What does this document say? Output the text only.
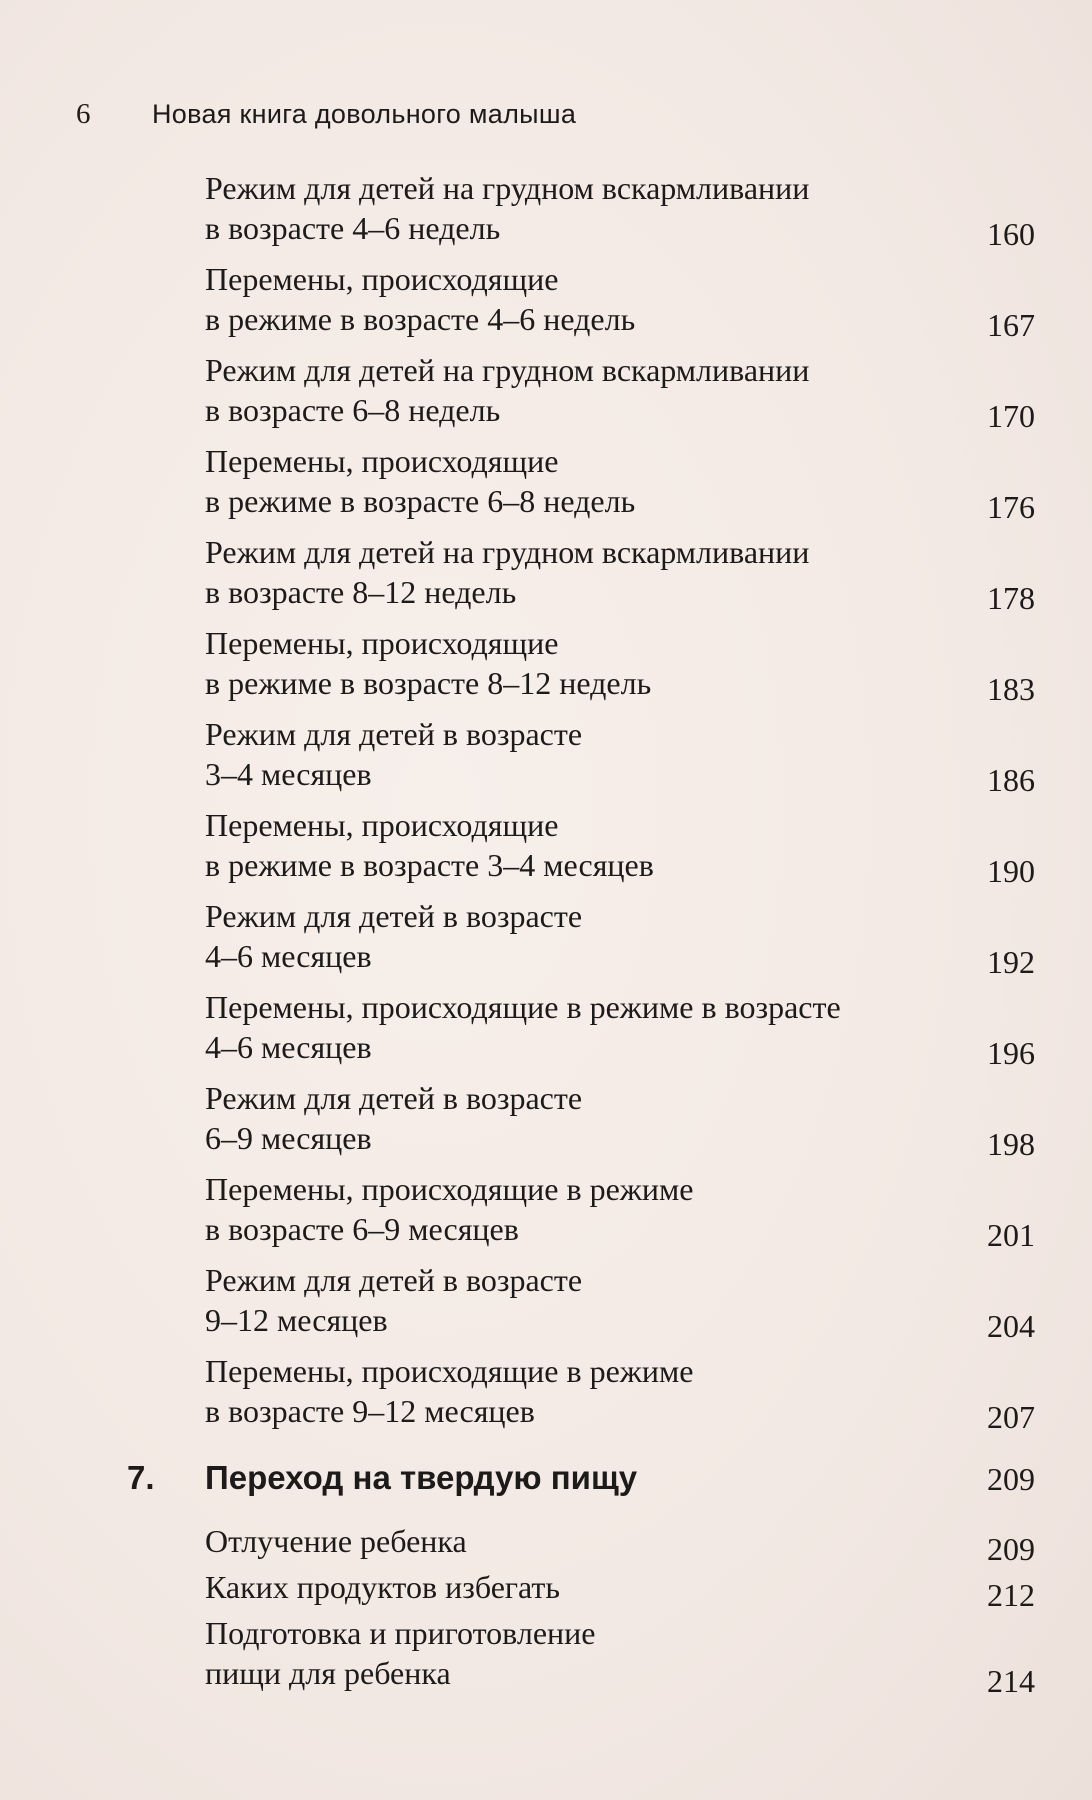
6 Новая книга довольного малыша
Режим для детей на грудном вскармливании
в возрасте 4–6 недель	160
Перемены, происходящие
в режиме в возрасте 4–6 недель	167
Режим для детей на грудном вскармливании
в возрасте 6–8 недель	170
Перемены, происходящие
в режиме в возрасте 6–8 недель	176
Режим для детей на грудном вскармливании
в возрасте 8–12 недель	178
Перемены, происходящие
в режиме в возрасте 8–12 недель	183
Режим для детей в возрасте
3–4 месяцев	186
Перемены, происходящие
в режиме в возрасте 3–4 месяцев	190
Режим для детей в возрасте
4–6 месяцев	192
Перемены, происходящие в режиме в возрасте
4–6 месяцев	196
Режим для детей в возрасте
6–9 месяцев	198
Перемены, происходящие в режиме
в возрасте 6–9 месяцев	201
Режим для детей в возрасте
9–12 месяцев	204
Перемены, происходящие в режиме
в возрасте 9–12 месяцев	207
7. Переход на твердую пищу	209
Отлучение ребенка	209
Каких продуктов избегать	212
Подготовка и приготовление
пищи для ребенка	214
